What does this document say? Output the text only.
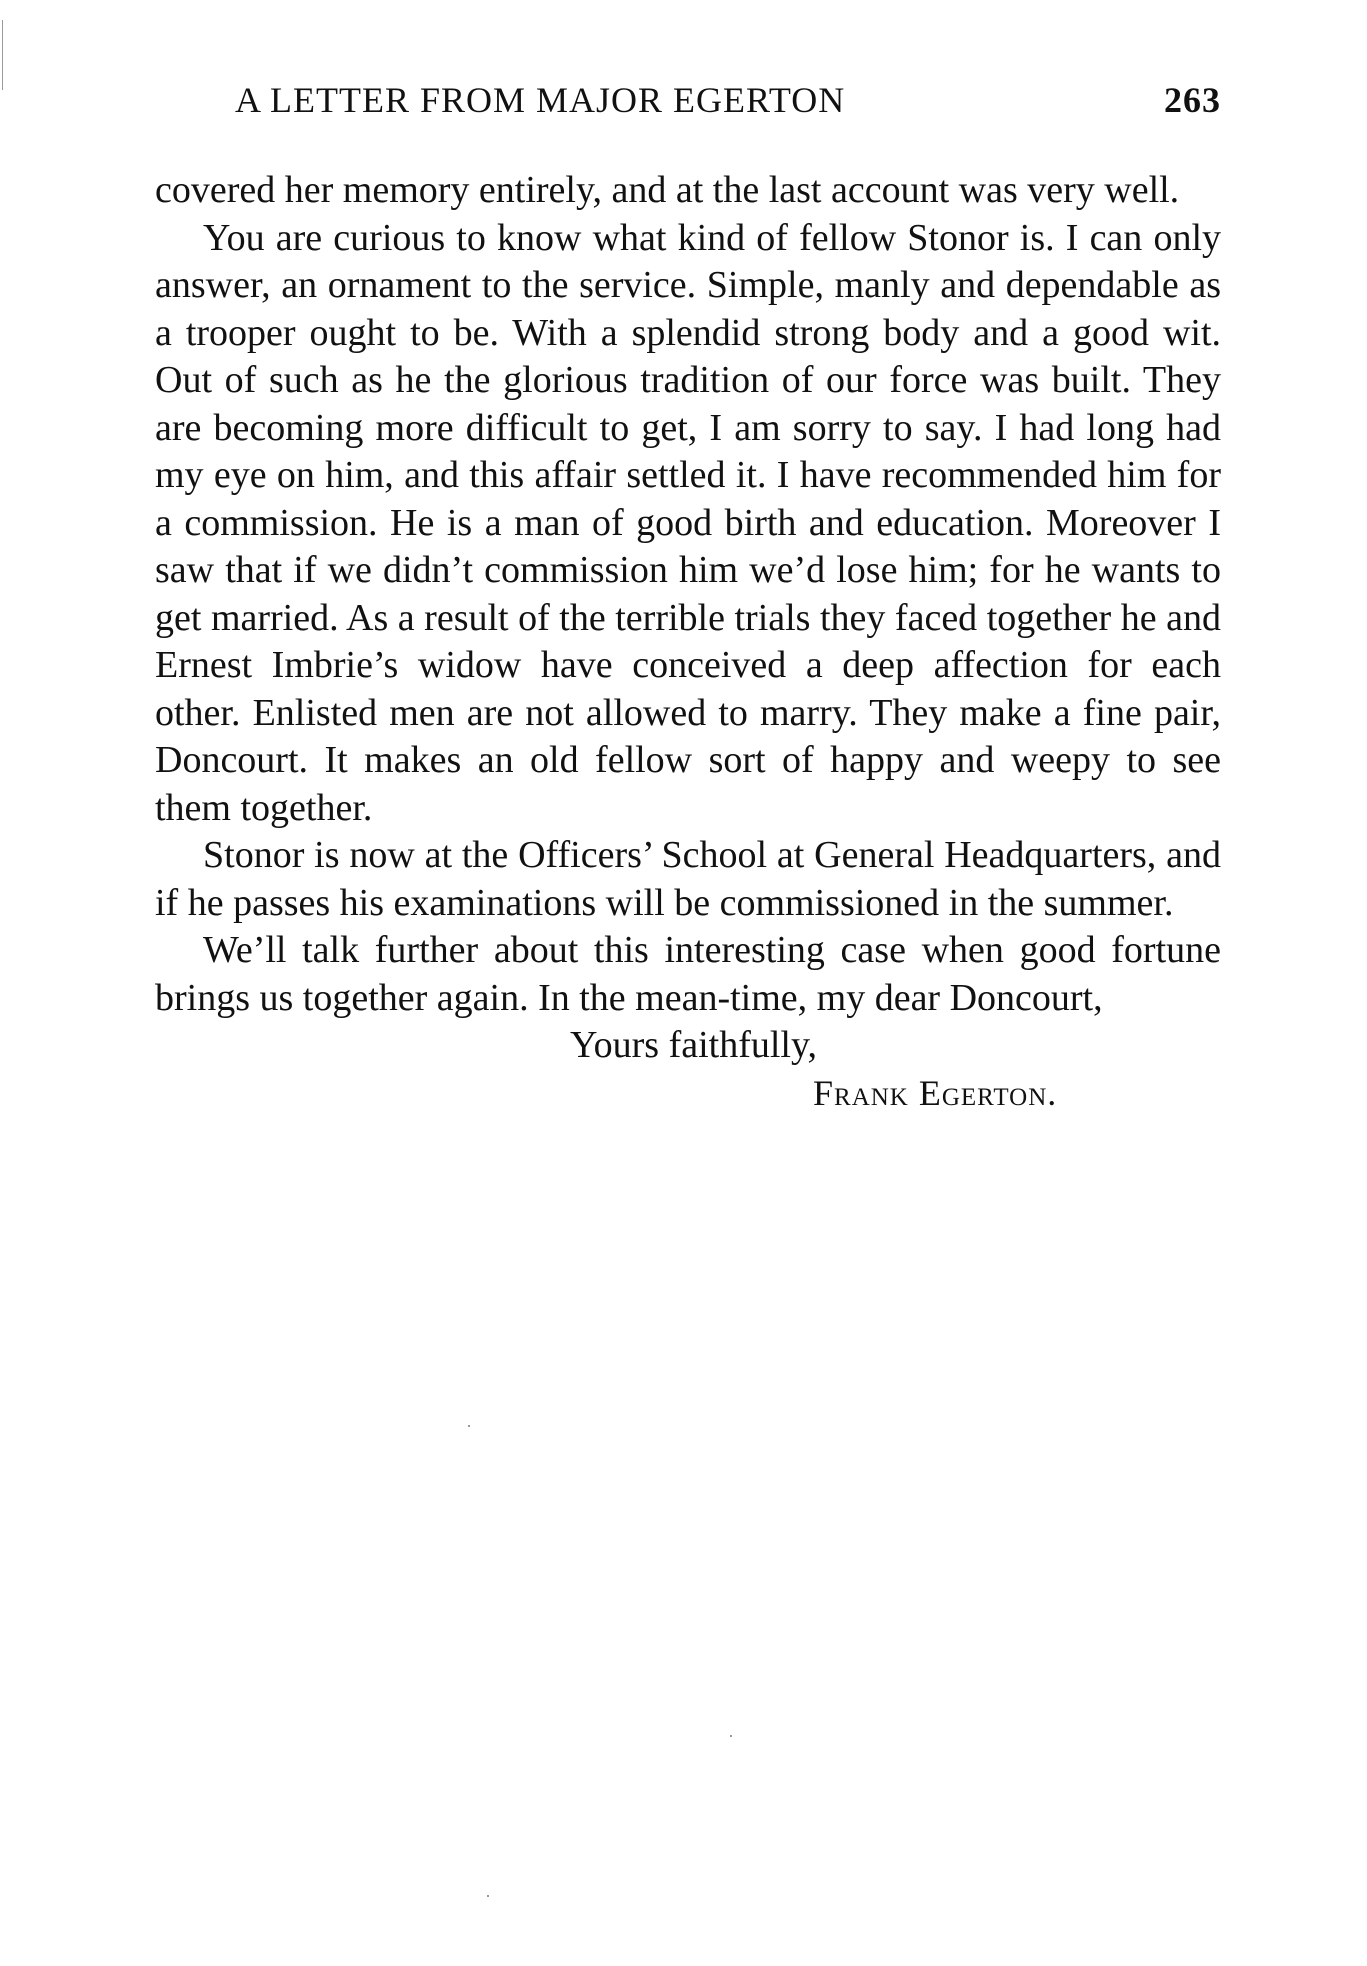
A LETTER FROM MAJOR EGERTON	263

covered her memory entirely, and at the last account was very well.

You are curious to know what kind of fellow Stonor is. I can only answer, an ornament to the service. Simple, manly and dependable as a trooper ought to be. With a splendid strong body and a good wit. Out of such as he the glorious tradition of our force was built. They are becoming more difficult to get, I am sorry to say. I had long had my eye on him, and this affair settled it. I have recommended him for a commission. He is a man of good birth and education. Moreover I saw that if we didn’t commission him we’d lose him; for he wants to get married. As a result of the terrible trials they faced together he and Ernest Imbrie’s widow have conceived a deep affection for each other. Enlisted men are not allowed to marry. They make a fine pair, Doncourt. It makes an old fellow sort of happy and weepy to see them together.

Stonor is now at the Officers’ School at General Headquarters, and if he passes his examinations will be commissioned in the summer.

We’ll talk further about this interesting case when good fortune brings us together again. In the mean-time, my dear Doncourt,

Yours faithfully,

Frank Egerton.
